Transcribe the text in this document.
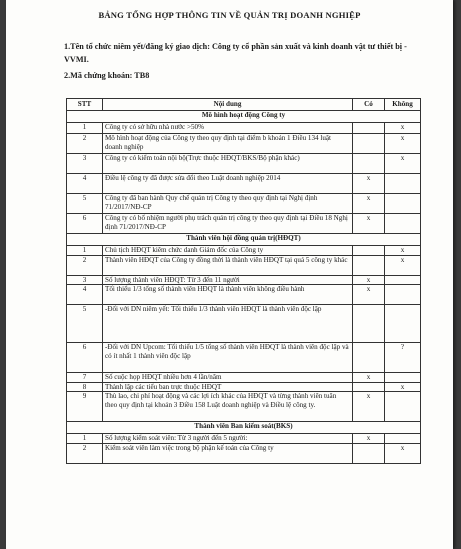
BẢNG TỔNG HỢP THÔNG TIN VỀ QUẢN TRỊ DOANH NGHIỆP
1.Tên tổ chức niêm yết/đăng ký giao dịch: Công ty cổ phần sản xuất và kinh doanh vật tư thiết bị - VVMI.
2.Mã chứng khoán: TB8
STT	Nội dung	Có	Không
Mô hình hoạt động Công ty			
1	Công ty có sở hữu nhà nước >50%		x
2	Mô hình hoạt động của Công ty theo quy định tại điểm b khoản 1 Điều 134 luật doanh nghiệp		x
3	Công ty có kiểm toán nội bộ(Trực thuộc HĐQT/BKS/Bộ phận khác)		x
4	Điều lệ công ty đã được sửa đổi theo Luật doanh nghiệp 2014	x	
5	Công ty đã ban hành Quy chế quản trị Công ty theo quy định tại Nghị định 71/2017/NĐ-CP	x	
6	Công ty có bổ nhiệm người phụ trách quản trị công ty theo quy định tại Điều 18 Nghị định 71/2017/NĐ-CP	x	
Thành viên hội đồng quản trị(HĐQT)			
1	Chủ tịch HĐQT kiêm chức danh Giám đốc của Công ty		x
2	Thành viên HĐQT của Công ty đồng thời là thành viên HĐQT tại quá 5 công ty khác		x
3	Số lượng thành viên HĐQT: Từ 3 đến 11 người	x	
4	Tối thiểu 1/3 tổng số thành viên HĐQT là thành viên không điều hành	x	
5	-Đối với DN niêm yết: Tối thiểu 1/3 thành viên HĐQT là thành viên độc lập		
6	-Đối với DN Upcom: Tối thiểu 1/5 tổng số thành viên HĐQT là thành viên độc lập và có ít nhất 1 thành viên độc lập		?
7	Số cuộc họp HĐQT nhiều hơn 4 lần/năm	x	
8	Thành lập các tiểu ban trực thuộc HĐQT		x
9	Thù lao, chi phí hoạt động và các lợi ích khác của HĐQT và từng thành viên tuân theo quy định tại khoản 3 Điều 158 Luật doanh nghiệp và Điều lệ công ty.	x	
Thành viên Ban kiểm soát(BKS)			
1	Số lượng kiểm soát viên: Từ 3 người đến 5 người:	x	
2	Kiểm soát viên làm việc trong bộ phận kế toán của Công ty		x
